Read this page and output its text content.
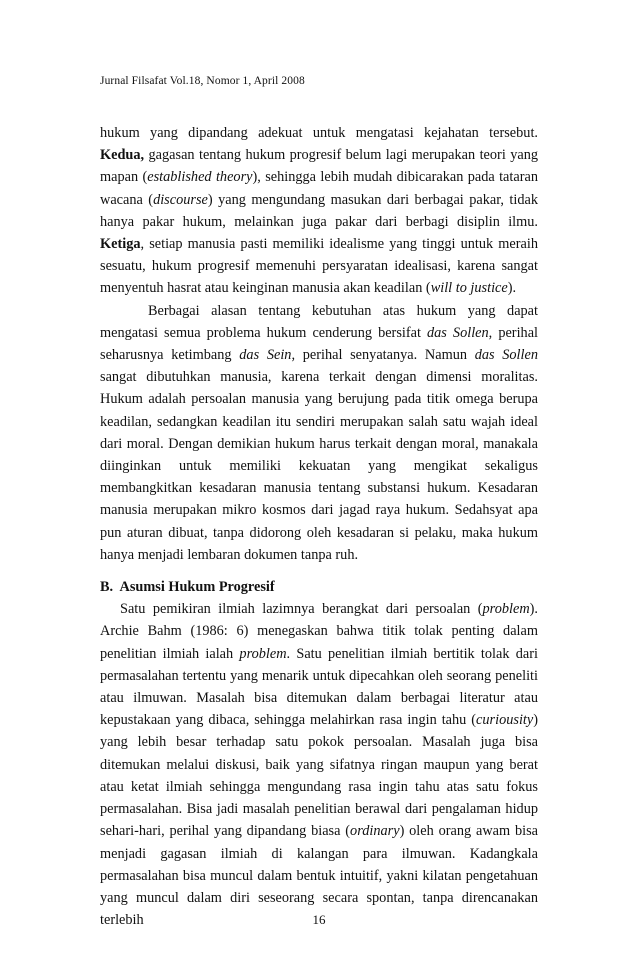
Jurnal Filsafat Vol.18, Nomor 1, April 2008

hukum yang dipandang adekuat untuk mengatasi kejahatan tersebut. Kedua, gagasan tentang hukum progresif belum lagi merupakan teori yang mapan (established theory), sehingga lebih mudah dibicarakan pada tataran wacana (discourse) yang mengundang masukan dari berbagai pakar, tidak hanya pakar hukum, melainkan juga pakar dari berbagi disiplin ilmu. Ketiga, setiap manusia pasti memiliki idealisme yang tinggi untuk meraih sesuatu, hukum progresif memenuhi persyaratan idealisasi, karena sangat menyentuh hasrat atau keinginan manusia akan keadilan (will to justice).

Berbagai alasan tentang kebutuhan atas hukum yang dapat mengatasi semua problema hukum cenderung bersifat das Sollen, perihal seharusnya ketimbang das Sein, perihal senyatanya. Namun das Sollen sangat dibutuhkan manusia, karena terkait dengan dimensi moralitas. Hukum adalah persoalan manusia yang berujung pada titik omega berupa keadilan, sedangkan keadilan itu sendiri merupakan salah satu wajah ideal dari moral. Dengan demikian hukum harus terkait dengan moral, manakala diinginkan untuk memiliki kekuatan yang mengikat sekaligus membangkitkan kesadaran manusia tentang substansi hukum. Kesadaran manusia merupakan mikro kosmos dari jagad raya hukum. Sedahsyat apa pun aturan dibuat, tanpa didorong oleh kesadaran si pelaku, maka hukum hanya menjadi lembaran dokumen tanpa ruh.

B. Asumsi Hukum Progresif

Satu pemikiran ilmiah lazimnya berangkat dari persoalan (problem). Archie Bahm (1986: 6) menegaskan bahwa titik tolak penting dalam penelitian ilmiah ialah problem. Satu penelitian ilmiah bertitik tolak dari permasalahan tertentu yang menarik untuk dipecahkan oleh seorang peneliti atau ilmuwan. Masalah bisa ditemukan dalam berbagai literatur atau kepustakaan yang dibaca, sehingga melahirkan rasa ingin tahu (curiousity) yang lebih besar terhadap satu pokok persoalan. Masalah juga bisa ditemukan melalui diskusi, baik yang sifatnya ringan maupun yang berat atau ketat ilmiah sehingga mengundang rasa ingin tahu atas satu fokus permasalahan. Bisa jadi masalah penelitian berawal dari pengalaman hidup sehari-hari, perihal yang dipandang biasa (ordinary) oleh orang awam bisa menjadi gagasan ilmiah di kalangan para ilmuwan. Kadangkala permasalahan bisa muncul dalam bentuk intuitif, yakni kilatan pengetahuan yang muncul dalam diri seseorang secara spontan, tanpa direncanakan terlebih	16
